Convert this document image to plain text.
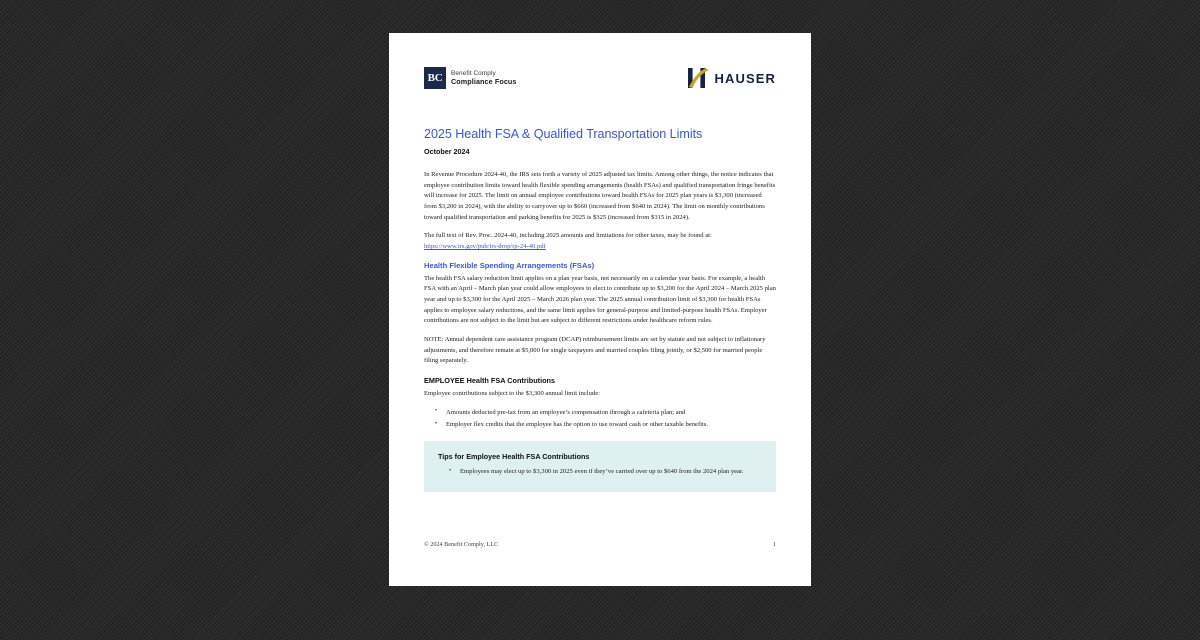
BC	Benefit Comply
Compliance Focus	HAUSER
2025 Health FSA & Qualified Transportation Limits
October 2024

In Revenue Procedure 2024-40, the IRS sets forth a variety of 2025 adjusted tax limits. Among other things, the notice indicates that employee contribution limits toward health flexible spending arrangements (health FSAs) and qualified transportation fringe benefits will increase for 2025. The limit on annual employee contributions toward health FSAs for 2025 plan years is $3,300 (increased from $3,200 in 2024), with the ability to carryover up to $660 (increased from $640 in 2024). The limit on monthly contributions toward qualified transportation and parking benefits for 2025 is $325 (increased from $315 in 2024).

The full text of Rev. Proc. 2024-40, including 2025 amounts and limitations for other taxes, may be found at:
https://www.irs.gov/pub/irs-drop/rp-24-40.pdf

Health Flexible Spending Arrangements (FSAs)

The health FSA salary reduction limit applies on a plan year basis, not necessarily on a calendar year basis. For example, a health FSA with an April – March plan year could allow employees to elect to contribute up to $3,200 for the April 2024 – March 2025 plan year and up to $3,300 for the April 2025 – March 2026 plan year. The 2025 annual contribution limit of $3,300 for health FSAs applies to employee salary reductions, and the same limit applies for general-purpose and limited-purpose health FSAs. Employer contributions are not subject to the limit but are subject to different restrictions under healthcare reform rules.

NOTE: Annual dependent care assistance program (DCAP) reimbursement limits are set by statute and not subject to inflationary adjustments, and therefore remain at $5,000 for single taxpayers and married couples filing jointly, or $2,500 for married people filing separately.

EMPLOYEE Health FSA Contributions

Employee contributions subject to the $3,300 annual limit include:

• Amounts deducted pre-tax from an employee’s compensation through a cafeteria plan; and
• Employer flex credits that the employee has the option to use toward cash or other taxable benefits.
Tips for Employee Health FSA Contributions
• Employees may elect up to $3,300 in 2025 even if they’ve carried over up to $640 from the 2024 plan year.
© 2024 Benefit Comply, LLC	1
